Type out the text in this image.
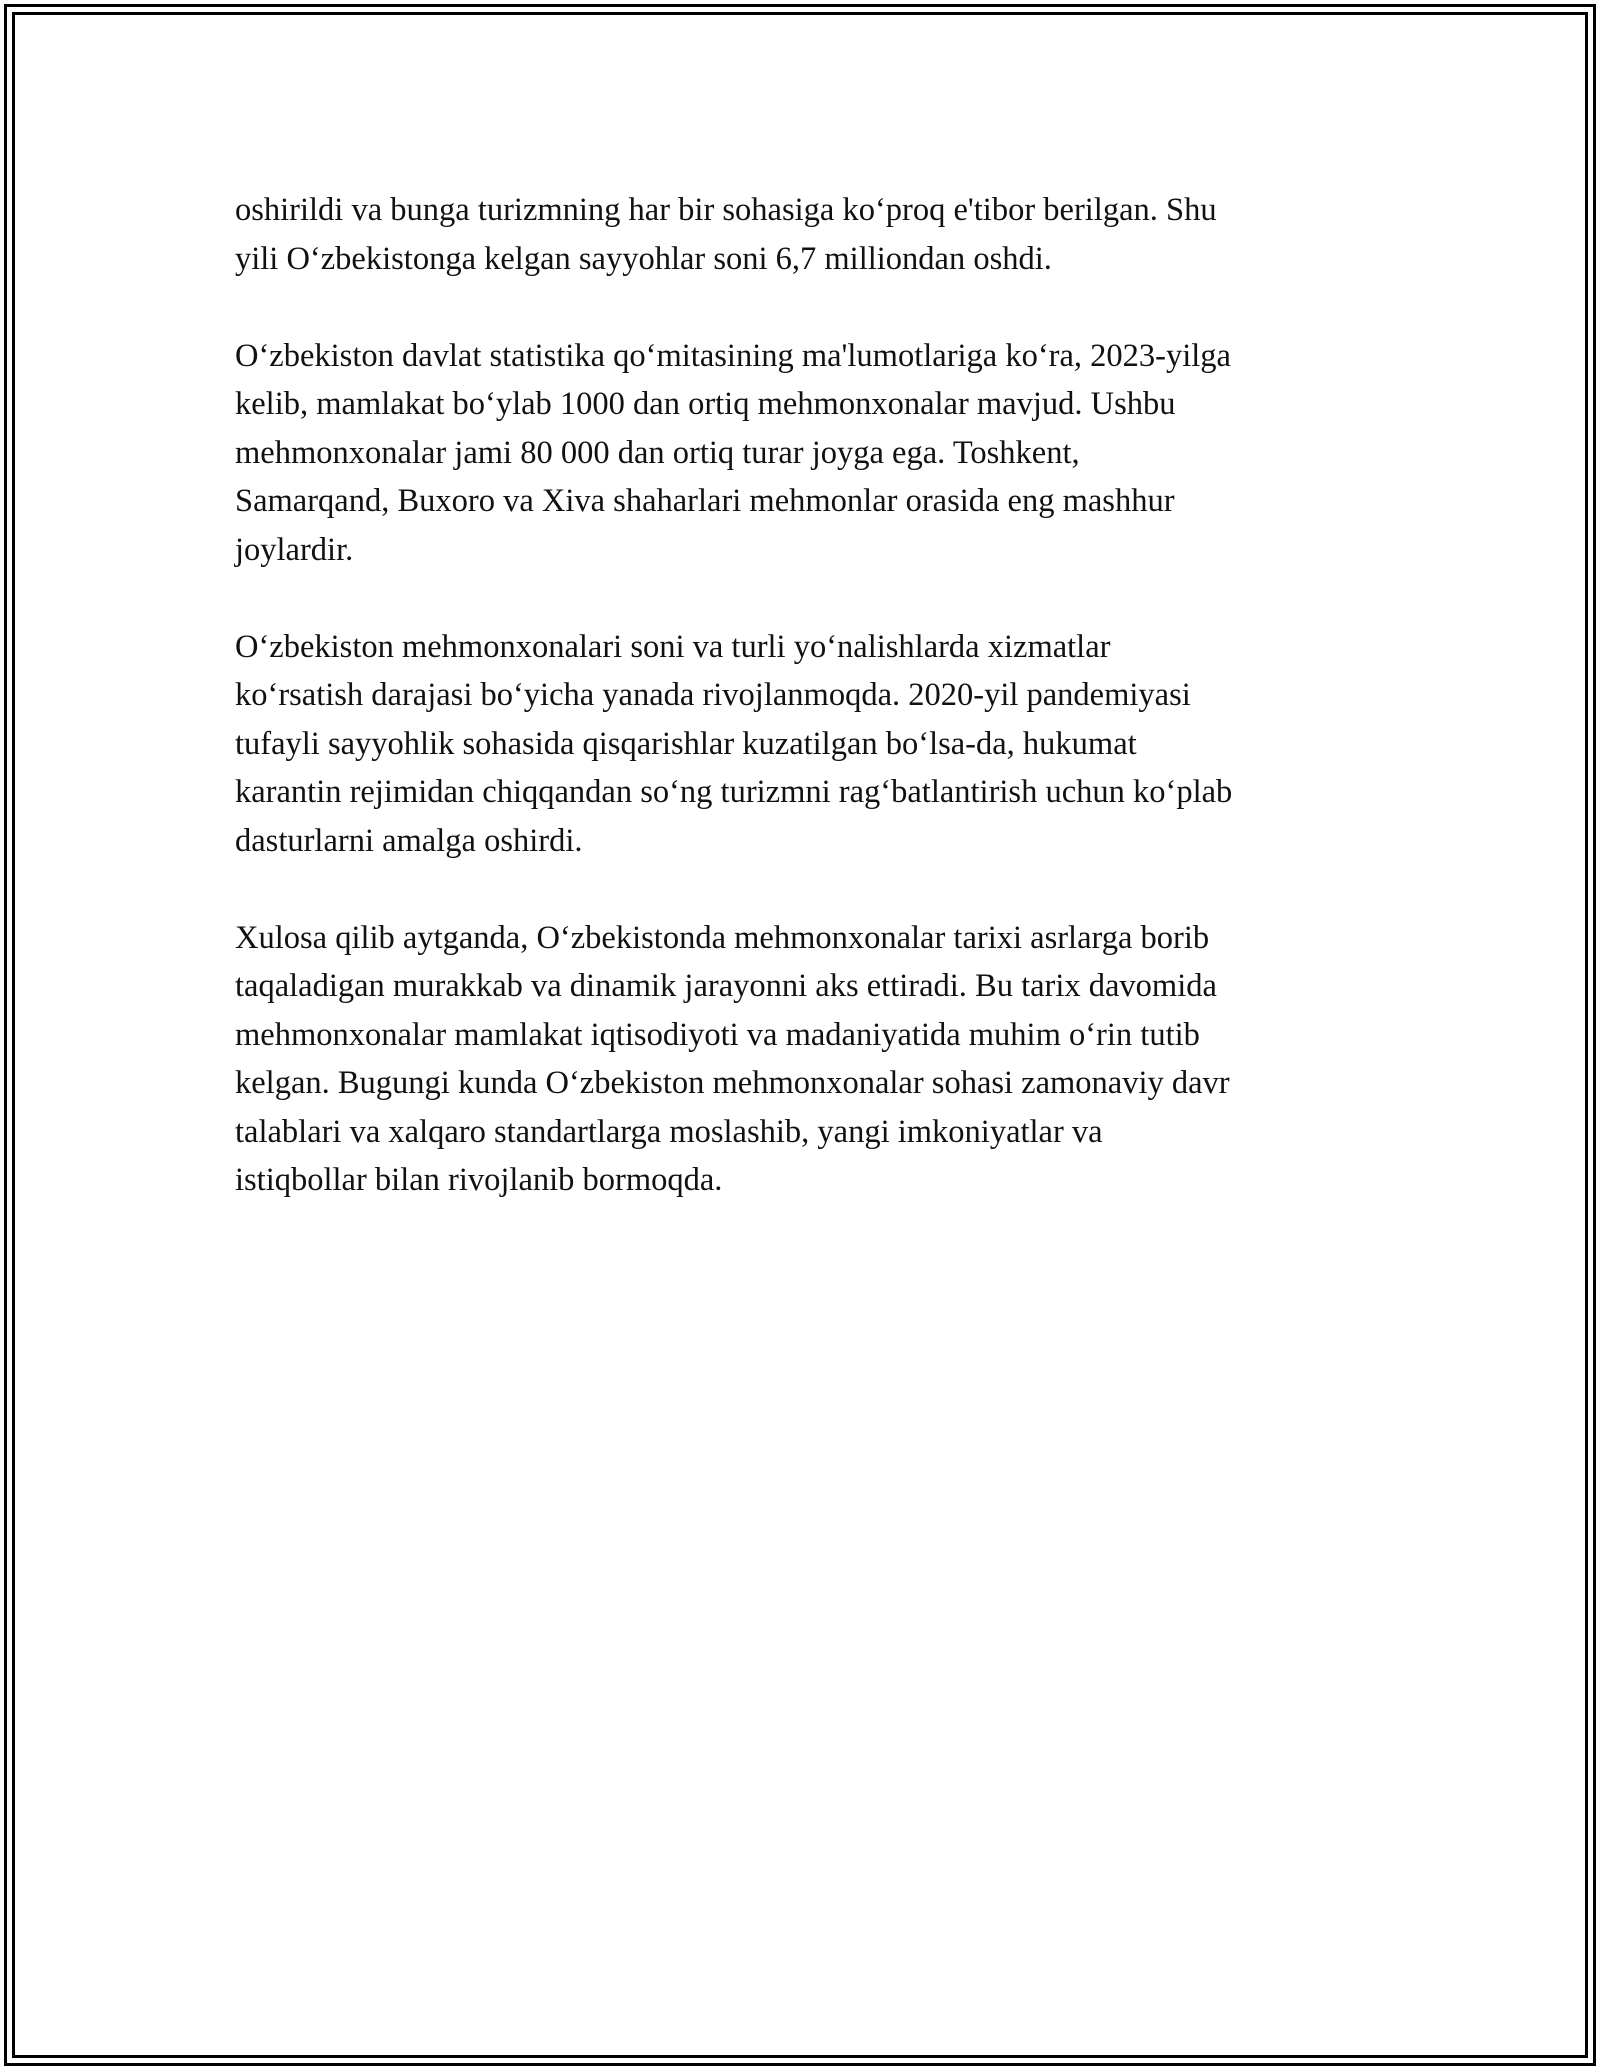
oshirildi va bunga turizmning har bir sohasiga ko‘proq e'tibor berilgan. Shu
yili O‘zbekistonga kelgan sayyohlar soni 6,7 milliondan oshdi.

O‘zbekiston davlat statistika qo‘mitasining ma'lumotlariga ko‘ra, 2023-yilga
kelib, mamlakat bo‘ylab 1000 dan ortiq mehmonxonalar mavjud. Ushbu
mehmonxonalar jami 80 000 dan ortiq turar joyga ega. Toshkent,
Samarqand, Buxoro va Xiva shaharlari mehmonlar orasida eng mashhur
joylardir.

O‘zbekiston mehmonxonalari soni va turli yo‘nalishlarda xizmatlar
ko‘rsatish darajasi bo‘yicha yanada rivojlanmoqda. 2020-yil pandemiyasi
tufayli sayyohlik sohasida qisqarishlar kuzatilgan bo‘lsa-da, hukumat
karantin rejimidan chiqqandan so‘ng turizmni rag‘batlantirish uchun ko‘plab
dasturlarni amalga oshirdi.

Xulosa qilib aytganda, O‘zbekistonda mehmonxonalar tarixi asrlarga borib
taqaladigan murakkab va dinamik jarayonni aks ettiradi. Bu tarix davomida
mehmonxonalar mamlakat iqtisodiyoti va madaniyatida muhim o‘rin tutib
kelgan. Bugungi kunda O‘zbekiston mehmonxonalar sohasi zamonaviy davr
talablari va xalqaro standartlarga moslashib, yangi imkoniyatlar va
istiqbollar bilan rivojlanib bormoqda.
